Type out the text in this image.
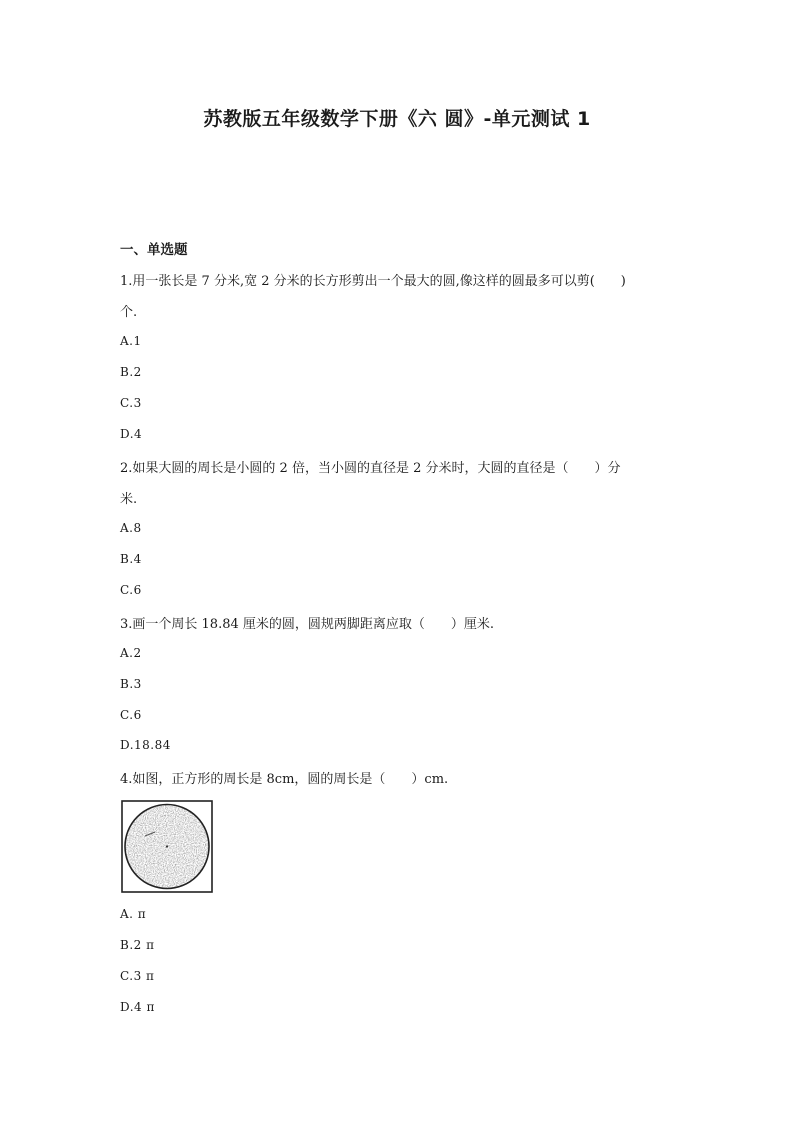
苏教版五年级数学下册《六 圆》-单元测试 1
一、单选题
1.用一张长是 7 分米,宽 2 分米的长方形剪出一个最大的圆,像这样的圆最多可以剪(　　)
个.
A.1
B.2
C.3
D.4
2.如果大圆的周长是小圆的 2 倍，当小圆的直径是 2 分米时，大圆的直径是（　　）分
米.
A.8
B.4
C.6
3.画一个周长 18.84 厘米的圆，圆规两脚距离应取（　　）厘米.
A.2
B.3
C.6
D.18.84
4.如图，正方形的周长是 8cm，圆的周长是（　　）cm.
A. π
B.2 π
C.3 π
D.4 π
